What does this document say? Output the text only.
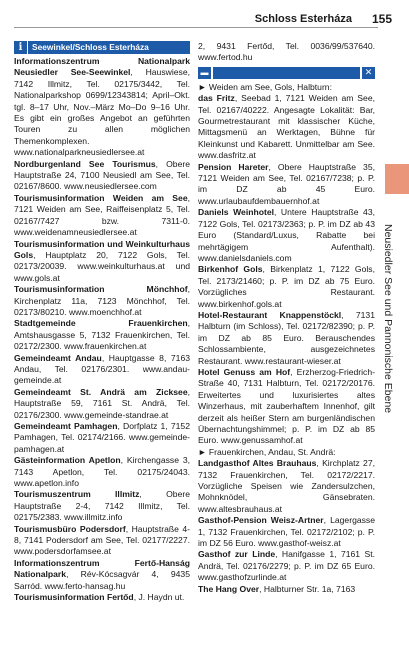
Schloss Esterháza 155
Neusiedler See und Pannonische Ebene
i	Seewinkel/Schloss Esterháza

Informationszentrum Nationalpark Neusiedler See-Seewinkel, Hauswiese, 7142 Illmitz, Tel. 02175/3442, Tel. Nationalparkshop 0699/12343814; April–Okt. tgl. 8–17 Uhr, Nov.–März Mo–Do 9–16 Uhr. Es gibt ein großes Angebot an geführten Touren zu allen möglichen Themenkomplexen. www.nationalparkneusiedlersee.at

Nordburgenland See Tourismus, Obere Hauptstraße 24, 7100 Neusiedl am See, Tel. 02167/8600. www.neusiedlersee.com

Tourismusinformation Weiden am See, 7121 Weiden am See, Raiffeisenplatz 5, Tel. 02167/7427 bzw. 7311-0. www.weidenamneusiedlersee.at

Tourismusinformation und Weinkulturhaus Gols, Hauptplatz 20, 7122 Gols, Tel. 02173/20039. www.weinkulturhaus.at und www.gols.at

Tourismusinformation Mönchhof, Kirchenplatz 11a, 7123 Mönchhof, Tel. 02173/80210. www.moenchhof.at

Stadtgemeinde Frauenkirchen, Amtshausgasse 5, 7132 Frauenkirchen, Tel. 02172/2300. www.frauenkirchen.at

Gemeindeamt Andau, Hauptgasse 8, 7163 Andau, Tel. 02176/2301. www.andau-gemeinde.at

Gemeindeamt St. Andrä am Zicksee, Hauptstraße 59, 7161 St. Andrä, Tel. 02176/2300. www.gemeinde-standrae.at

Gemeindeamt Pamhagen, Dorfplatz 1, 7152 Pamhagen, Tel. 02174/2166. www.gemeinde-pamhagen.at

Gästeinformation Apetlon, Kirchengasse 3, 7143 Apetlon, Tel. 02175/24043. www.apetlon.info

Tourismuszentrum Illmitz, Obere Hauptstraße 2-4, 7142 Illmitz, Tel. 02175/2383. www.illmitz.info

Tourismusbüro Podersdorf, Hauptstraße 4-8, 7141 Podersdorf am See, Tel. 02177/2227. www.podersdorfamsee.at

Informationszentrum Fertő-Hanság Nationalpark, Rév-Kócsagvár 4, 9435 Sarród. www.ferto-hansag.hu

Tourismusinformation Fertőd, J. Haydn ut.

2, 9431 Fertőd, Tel. 0036/99/537640. www.fertod.hu

▬	✕

► Weiden am See, Gols, Halbturn:

das Fritz, Seebad 1, 7121 Weiden am See, Tel. 02167/40222. Angesagte Lokalität: Bar, Gourmetrestaurant mit klassischer Küche, Mittagsmenü an Werktagen, Bühne für Kleinkunst und Kabarett. Unmittelbar am See. www.dasfritz.at

Pension Hareter, Obere Hauptstraße 35, 7121 Weiden am See, Tel. 02167/7238; p. P. im DZ ab 45 Euro. www.urlaubaufdembauernhof.at

Daniels Weinhotel, Untere Hauptstraße 43, 7122 Gols, Tel. 02173/2363; p. P. im DZ ab 43 Euro (Standard/Luxus, Rabatte bei mehrtägigem Aufenthalt). www.danielsdaniels.com

Birkenhof Gols, Birkenplatz 1, 7122 Gols, Tel. 2173/21460; p. P. im DZ ab 75 Euro. Vorzügliches Restaurant. www.birkenhof.gols.at

Hotel-Restaurant Knappenstöckl, 7131 Halbturn (im Schloss), Tel. 02172/82390; p. P. im DZ ab 85 Euro. Berauschendes Schlossambiente, ausgezeichnetes Restaurant. www.restaurant-wieser.at

Hotel Genuss am Hof, Erzherzog-Friedrich-Straße 40, 7131 Halbturn, Tel. 02172/20176. Erweitertes und luxurisiertes altes Winzerhaus, mit zauberhaftem Innenhof, gilt derzeit als heißer Stern am burgenländischen Übernachtungshimmel; p. P. im DZ ab 85 Euro. www.genussamhof.at

► Frauenkirchen, Andau, St. Andrä:

Landgasthof Altes Brauhaus, Kirchplatz 27, 7132 Frauenkirchen, Tel. 02172/2217. Vorzügliche Speisen wie Zandersulzchen, Mohnknödel, Gänsebraten. www.altesbrauhaus.at

Gasthof-Pension Weisz-Artner, Lagergasse 1, 7132 Frauenkirchen, Tel. 02172/2102; p. P. im DZ 56 Euro. www.gasthof-weisz.at

Gasthof zur Linde, Hanifgasse 1, 7161 St. Andrä, Tel. 02176/2279; p. P. im DZ 65 Euro. www.gasthofzurlinde.at

The Hang Over, Halbturner Str. 1a, 7163
